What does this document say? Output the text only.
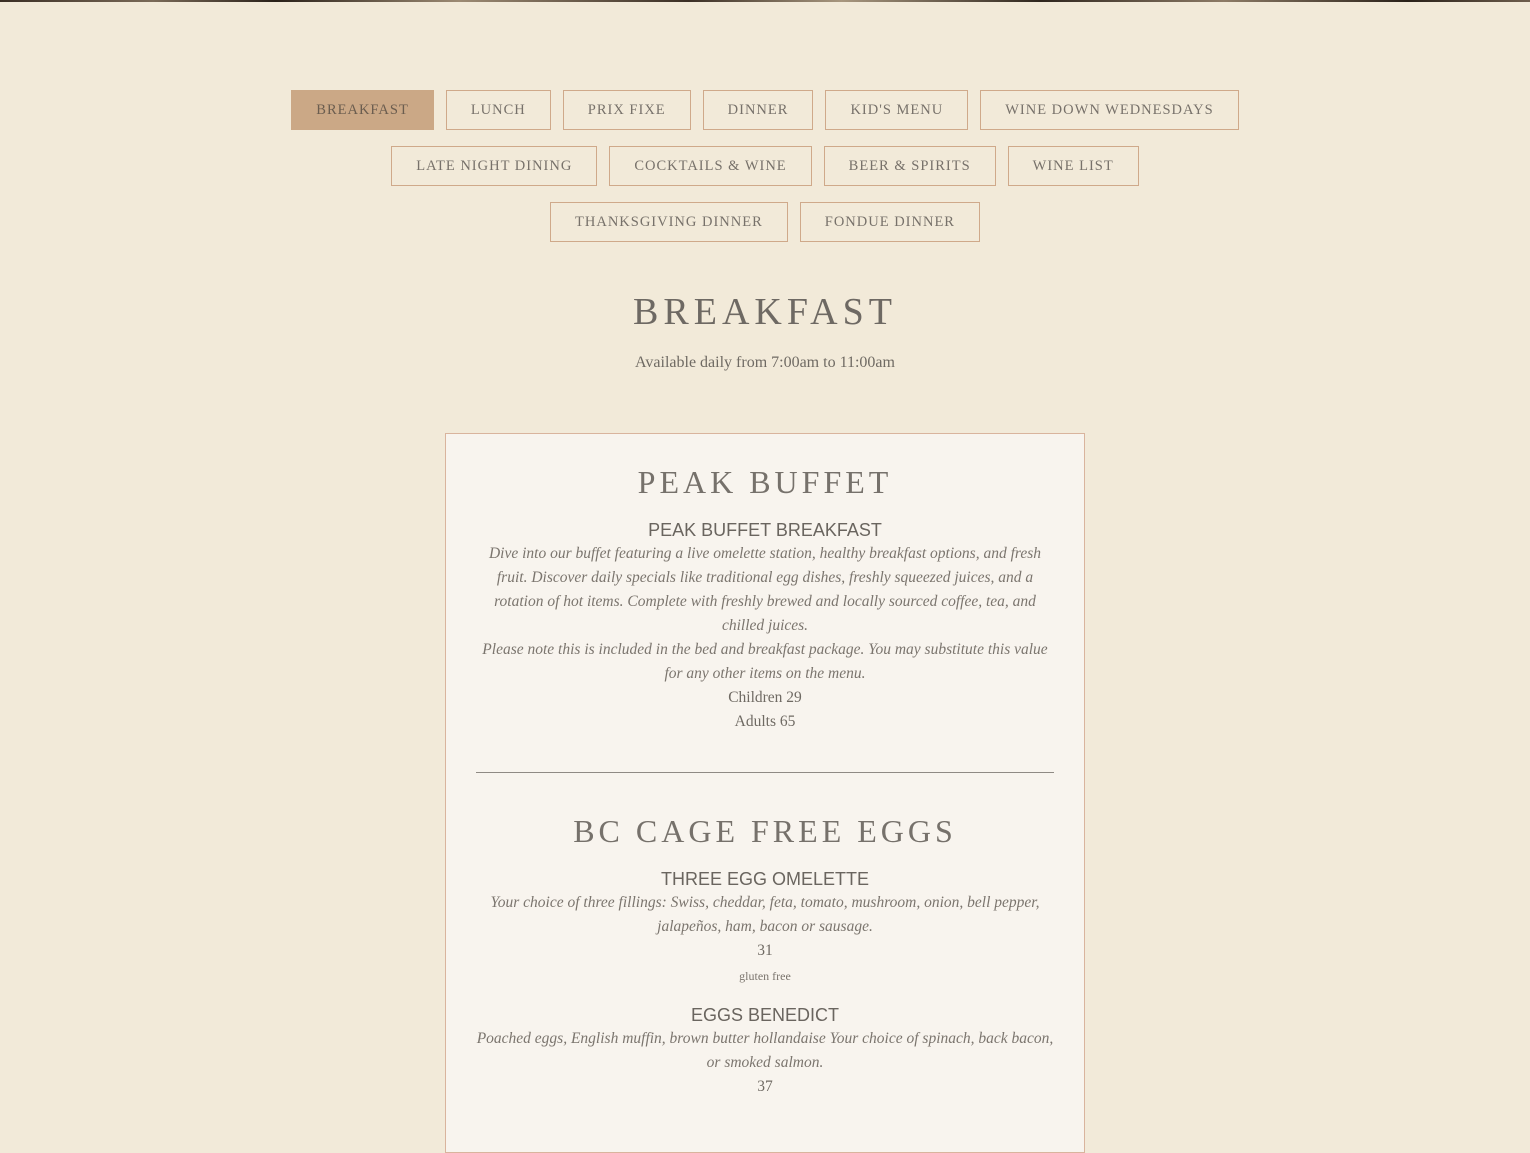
BREAKFAST	LUNCH	PRIX FIXE	DINNER	KID'S MENU	WINE DOWN WEDNESDAYS
LATE NIGHT DINING	COCKTAILS & WINE	BEER & SPIRITS	WINE LIST
THANKSGIVING DINNER	FONDUE DINNER
BREAKFAST

Available daily from 7:00am to 11:00am

PEAK BUFFET

PEAK BUFFET BREAKFAST

Dive into our buffet featuring a live omelette station, healthy breakfast options, and fresh fruit. Discover daily specials like traditional egg dishes, freshly squeezed juices, and a rotation of hot items. Complete with freshly brewed and locally sourced coffee, tea, and chilled juices.

Please note this is included in the bed and breakfast package. You may substitute this value for any other items on the menu.

Children 29

Adults 65

BC CAGE FREE EGGS

THREE EGG OMELETTE

Your choice of three fillings: Swiss, cheddar, feta, tomato, mushroom, onion, bell pepper, jalapeños, ham, bacon or sausage.

31

gluten free

EGGS BENEDICT

Poached eggs, English muffin, brown butter hollandaise Your choice of spinach, back bacon, or smoked salmon.

37
